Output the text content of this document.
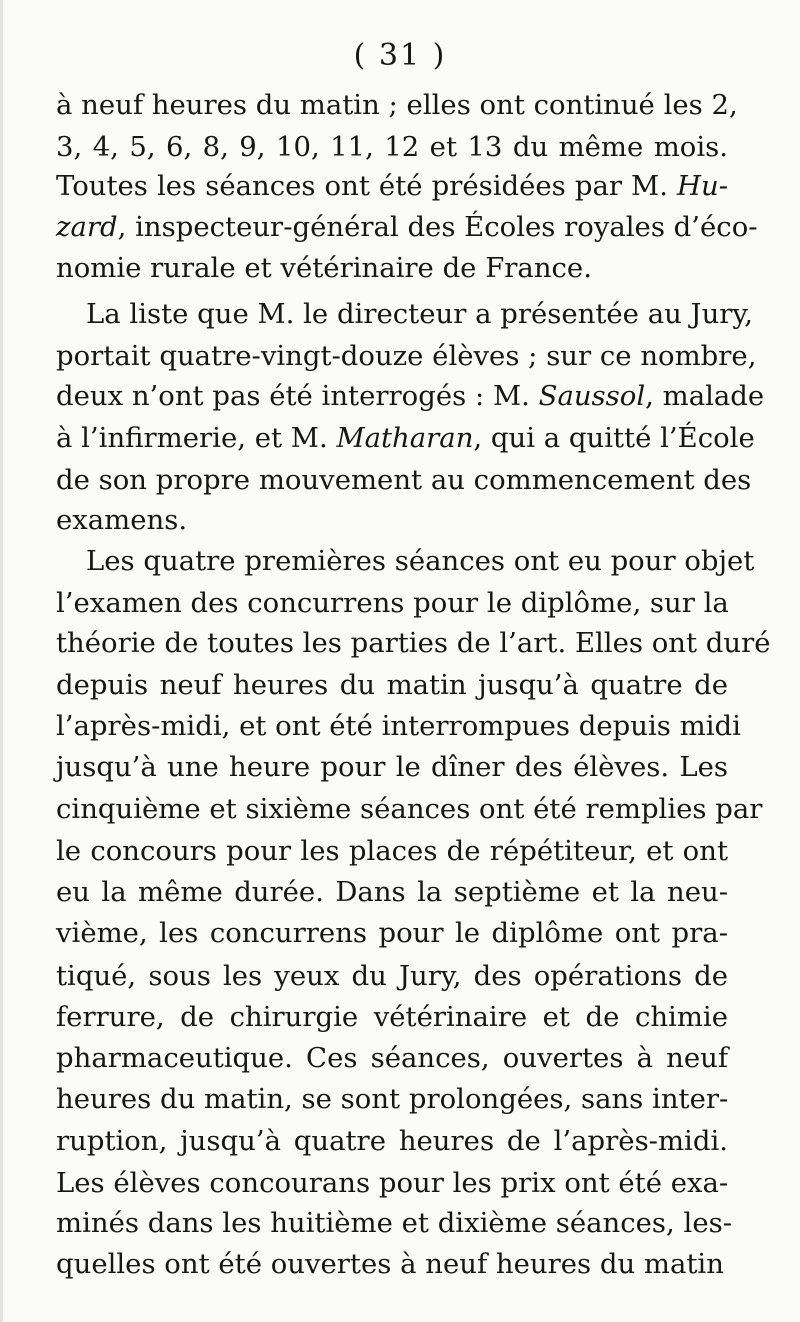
( 31 )
à neuf heures du matin ; elles ont continué les 2,
3, 4, 5, 6, 8, 9, 10, 11, 12 et 13 du même mois.
Toutes les séances ont été présidées par M. Hu-
zard, inspecteur-général des Écoles royales d’éco-
nomie rurale et vétérinaire de France.
La liste que M. le directeur a présentée au Jury,
portait quatre-vingt-douze élèves ; sur ce nombre,
deux n’ont pas été interrogés : M. Saussol, malade
à l’infirmerie, et M. Matharan, qui a quitté l’École
de son propre mouvement au commencement des
examens.
Les quatre premières séances ont eu pour objet
l’examen des concurrens pour le diplôme, sur la
théorie de toutes les parties de l’art. Elles ont duré
depuis neuf heures du matin jusqu’à quatre de
l’après-midi, et ont été interrompues depuis midi
jusqu’à une heure pour le dîner des élèves. Les
cinquième et sixième séances ont été remplies par
le concours pour les places de répétiteur, et ont
eu la même durée. Dans la septième et la neu-
vième, les concurrens pour le diplôme ont pra-
tiqué, sous les yeux du Jury, des opérations de
ferrure, de chirurgie vétérinaire et de chimie
pharmaceutique. Ces séances, ouvertes à neuf
heures du matin, se sont prolongées, sans inter-
ruption, jusqu’à quatre heures de l’après-midi.
Les élèves concourans pour les prix ont été exa-
minés dans les huitième et dixième séances, les-
quelles ont été ouvertes à neuf heures du matin
